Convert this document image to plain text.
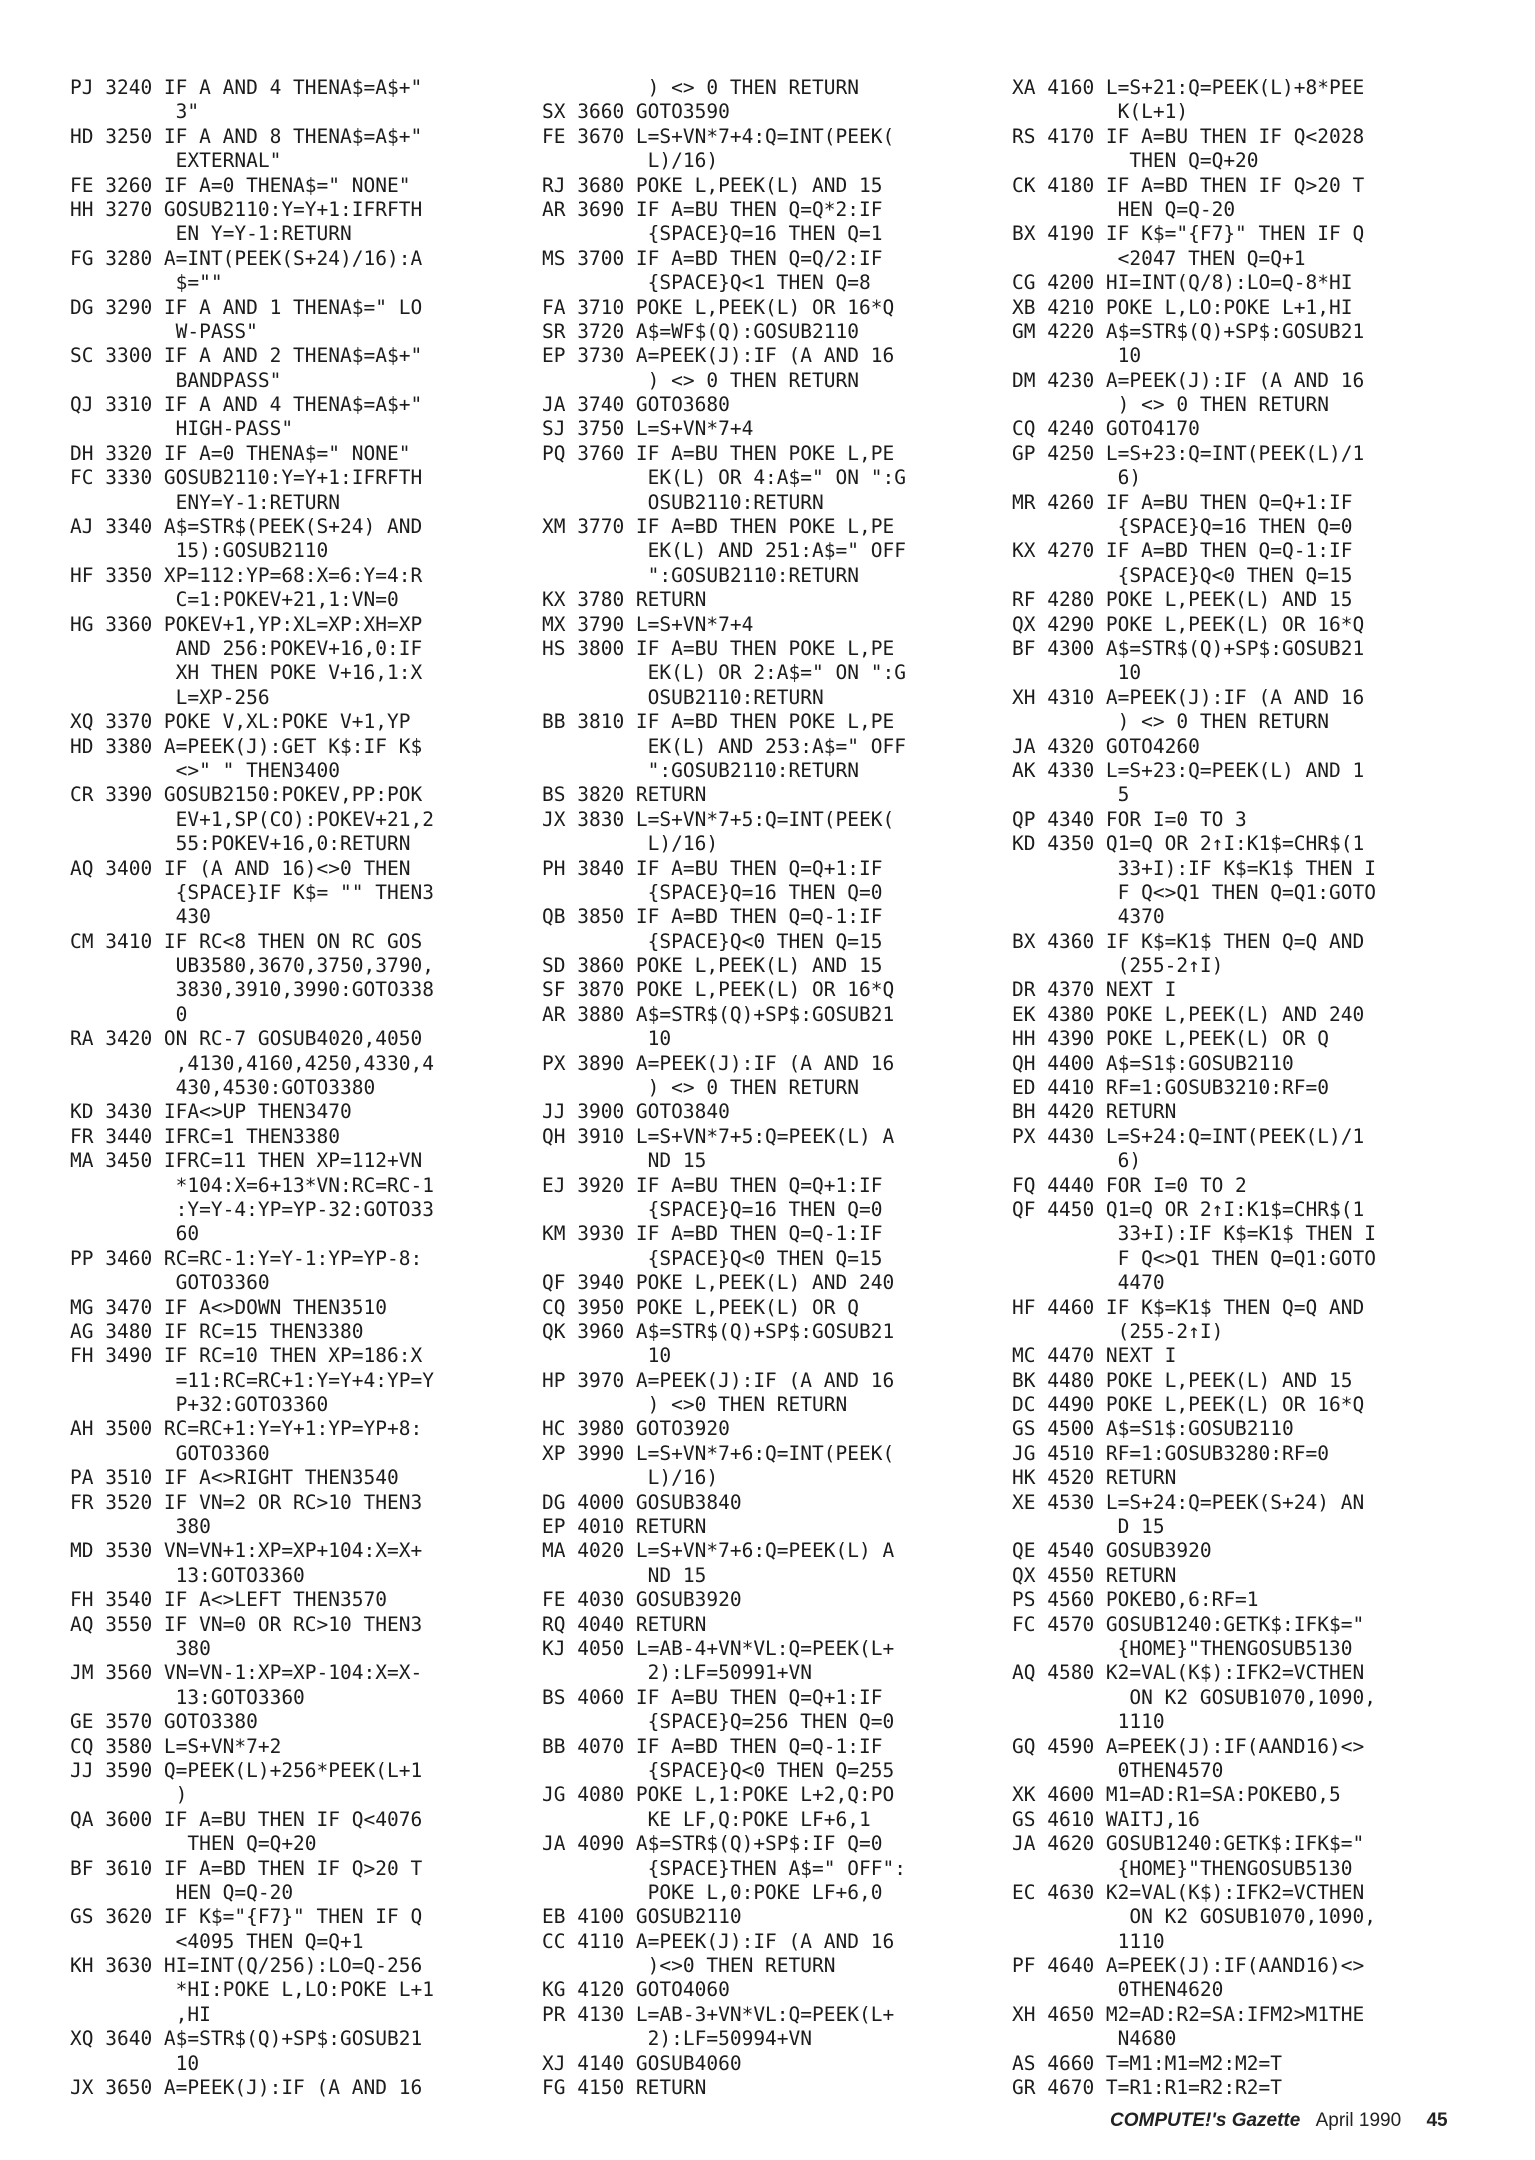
PJ 3240 IF A AND 4 THENA$=A$+"
3"
HD 3250 IF A AND 8 THENA$=A$+"
EXTERNAL"
FE 3260 IF A=0 THENA$=" NONE"
HH 3270 GOSUB2110:Y=Y+1:IFRFTH
EN Y=Y-1:RETURN
FG 3280 A=INT(PEEK(S+24)/16):A
$=""
DG 3290 IF A AND 1 THENA$=" LO
W-PASS"
SC 3300 IF A AND 2 THENA$=A$+"
BANDPASS"
QJ 3310 IF A AND 4 THENA$=A$+"
HIGH-PASS"
DH 3320 IF A=0 THENA$=" NONE"
FC 3330 GOSUB2110:Y=Y+1:IFRFTH
ENY=Y-1:RETURN
AJ 3340 A$=STR$(PEEK(S+24) AND
15):GOSUB2110
HF 3350 XP=112:YP=68:X=6:Y=4:R
C=1:POKEV+21,1:VN=0
HG 3360 POKEV+1,YP:XL=XP:XH=XP
AND 256:POKEV+16,0:IF
XH THEN POKE V+16,1:X
L=XP-256
XQ 3370 POKE V,XL:POKE V+1,YP
HD 3380 A=PEEK(J):GET K$:IF K$
<>" " THEN3400
CR 3390 GOSUB2150:POKEV,PP:POK
EV+1,SP(CO):POKEV+21,2
55:POKEV+16,0:RETURN
AQ 3400 IF (A AND 16)<>0 THEN
{SPACE}IF K$= "" THEN3
430
CM 3410 IF RC<8 THEN ON RC GOS
UB3580,3670,3750,3790,
3830,3910,3990:GOTO338
0
RA 3420 ON RC-7 GOSUB4020,4050
,4130,4160,4250,4330,4
430,4530:GOTO3380
KD 3430 IFA<>UP THEN3470
FR 3440 IFRC=1 THEN3380
MA 3450 IFRC=11 THEN XP=112+VN
*104:X=6+13*VN:RC=RC-1
:Y=Y-4:YP=YP-32:GOTO33
60
PP 3460 RC=RC-1:Y=Y-1:YP=YP-8:
GOTO3360
MG 3470 IF A<>DOWN THEN3510
AG 3480 IF RC=15 THEN3380
FH 3490 IF RC=10 THEN XP=186:X
=11:RC=RC+1:Y=Y+4:YP=Y
P+32:GOTO3360
AH 3500 RC=RC+1:Y=Y+1:YP=YP+8:
GOTO3360
PA 3510 IF A<>RIGHT THEN3540
FR 3520 IF VN=2 OR RC>10 THEN3
380
MD 3530 VN=VN+1:XP=XP+104:X=X+
13:GOTO3360
FH 3540 IF A<>LEFT THEN3570
AQ 3550 IF VN=0 OR RC>10 THEN3
380
JM 3560 VN=VN-1:XP=XP-104:X=X-
13:GOTO3360
GE 3570 GOTO3380
CQ 3580 L=S+VN*7+2
JJ 3590 Q=PEEK(L)+256*PEEK(L+1
)
QA 3600 IF A=BU THEN IF Q<4076
THEN Q=Q+20
BF 3610 IF A=BD THEN IF Q>20 T
HEN Q=Q-20
GS 3620 IF K$="{F7}" THEN IF Q
<4095 THEN Q=Q+1
KH 3630 HI=INT(Q/256):LO=Q-256
*HI:POKE L,LO:POKE L+1
,HI
XQ 3640 A$=STR$(Q)+SP$:GOSUB21
10
JX 3650 A=PEEK(J):IF (A AND 16
) <> 0 THEN RETURN
SX 3660 GOTO3590
FE 3670 L=S+VN*7+4:Q=INT(PEEK(
L)/16)
RJ 3680 POKE L,PEEK(L) AND 15
AR 3690 IF A=BU THEN Q=Q*2:IF
{SPACE}Q=16 THEN Q=1
MS 3700 IF A=BD THEN Q=Q/2:IF
{SPACE}Q<1 THEN Q=8
FA 3710 POKE L,PEEK(L) OR 16*Q
SR 3720 A$=WF$(Q):GOSUB2110
EP 3730 A=PEEK(J):IF (A AND 16
) <> 0 THEN RETURN
JA 3740 GOTO3680
SJ 3750 L=S+VN*7+4
PQ 3760 IF A=BU THEN POKE L,PE
EK(L) OR 4:A$=" ON ":G
OSUB2110:RETURN
XM 3770 IF A=BD THEN POKE L,PE
EK(L) AND 251:A$=" OFF
":GOSUB2110:RETURN
KX 3780 RETURN
MX 3790 L=S+VN*7+4
HS 3800 IF A=BU THEN POKE L,PE
EK(L) OR 2:A$=" ON ":G
OSUB2110:RETURN
BB 3810 IF A=BD THEN POKE L,PE
EK(L) AND 253:A$=" OFF
":GOSUB2110:RETURN
BS 3820 RETURN
JX 3830 L=S+VN*7+5:Q=INT(PEEK(
L)/16)
PH 3840 IF A=BU THEN Q=Q+1:IF
{SPACE}Q=16 THEN Q=0
QB 3850 IF A=BD THEN Q=Q-1:IF
{SPACE}Q<0 THEN Q=15
SD 3860 POKE L,PEEK(L) AND 15
SF 3870 POKE L,PEEK(L) OR 16*Q
AR 3880 A$=STR$(Q)+SP$:GOSUB21
10
PX 3890 A=PEEK(J):IF (A AND 16
) <> 0 THEN RETURN
JJ 3900 GOTO3840
QH 3910 L=S+VN*7+5:Q=PEEK(L) A
ND 15
EJ 3920 IF A=BU THEN Q=Q+1:IF
{SPACE}Q=16 THEN Q=0
KM 3930 IF A=BD THEN Q=Q-1:IF
{SPACE}Q<0 THEN Q=15
QF 3940 POKE L,PEEK(L) AND 240
CQ 3950 POKE L,PEEK(L) OR Q
QK 3960 A$=STR$(Q)+SP$:GOSUB21
10
HP 3970 A=PEEK(J):IF (A AND 16
) <>0 THEN RETURN
HC 3980 GOTO3920
XP 3990 L=S+VN*7+6:Q=INT(PEEK(
L)/16)
DG 4000 GOSUB3840
EP 4010 RETURN
MA 4020 L=S+VN*7+6:Q=PEEK(L) A
ND 15
FE 4030 GOSUB3920
RQ 4040 RETURN
KJ 4050 L=AB-4+VN*VL:Q=PEEK(L+
2):LF=50991+VN
BS 4060 IF A=BU THEN Q=Q+1:IF
{SPACE}Q=256 THEN Q=0
BB 4070 IF A=BD THEN Q=Q-1:IF
{SPACE}Q<0 THEN Q=255
JG 4080 POKE L,1:POKE L+2,Q:PO
KE LF,Q:POKE LF+6,1
JA 4090 A$=STR$(Q)+SP$:IF Q=0
{SPACE}THEN A$=" OFF":
POKE L,0:POKE LF+6,0
EB 4100 GOSUB2110
CC 4110 A=PEEK(J):IF (A AND 16
)<>0 THEN RETURN
KG 4120 GOTO4060
PR 4130 L=AB-3+VN*VL:Q=PEEK(L+
2):LF=50994+VN
XJ 4140 GOSUB4060
FG 4150 RETURN
XA 4160 L=S+21:Q=PEEK(L)+8*PEE
K(L+1)
RS 4170 IF A=BU THEN IF Q<2028
THEN Q=Q+20
CK 4180 IF A=BD THEN IF Q>20 T
HEN Q=Q-20
BX 4190 IF K$="{F7}" THEN IF Q
<2047 THEN Q=Q+1
CG 4200 HI=INT(Q/8):LO=Q-8*HI
XB 4210 POKE L,LO:POKE L+1,HI
GM 4220 A$=STR$(Q)+SP$:GOSUB21
10
DM 4230 A=PEEK(J):IF (A AND 16
) <> 0 THEN RETURN
CQ 4240 GOTO4170
GP 4250 L=S+23:Q=INT(PEEK(L)/1
6)
MR 4260 IF A=BU THEN Q=Q+1:IF
{SPACE}Q=16 THEN Q=0
KX 4270 IF A=BD THEN Q=Q-1:IF
{SPACE}Q<0 THEN Q=15
RF 4280 POKE L,PEEK(L) AND 15
QX 4290 POKE L,PEEK(L) OR 16*Q
BF 4300 A$=STR$(Q)+SP$:GOSUB21
10
XH 4310 A=PEEK(J):IF (A AND 16
) <> 0 THEN RETURN
JA 4320 GOTO4260
AK 4330 L=S+23:Q=PEEK(L) AND 1
5
QP 4340 FOR I=0 TO 3
KD 4350 Q1=Q OR 2↑I:K1$=CHR$(1
33+I):IF K$=K1$ THEN I
F Q<>Q1 THEN Q=Q1:GOTO
4370
BX 4360 IF K$=K1$ THEN Q=Q AND
(255-2↑I)
DR 4370 NEXT I
EK 4380 POKE L,PEEK(L) AND 240
HH 4390 POKE L,PEEK(L) OR Q
QH 4400 A$=S1$:GOSUB2110
ED 4410 RF=1:GOSUB3210:RF=0
BH 4420 RETURN
PX 4430 L=S+24:Q=INT(PEEK(L)/1
6)
FQ 4440 FOR I=0 TO 2
QF 4450 Q1=Q OR 2↑I:K1$=CHR$(1
33+I):IF K$=K1$ THEN I
F Q<>Q1 THEN Q=Q1:GOTO
4470
HF 4460 IF K$=K1$ THEN Q=Q AND
(255-2↑I)
MC 4470 NEXT I
BK 4480 POKE L,PEEK(L) AND 15
DC 4490 POKE L,PEEK(L) OR 16*Q
GS 4500 A$=S1$:GOSUB2110
JG 4510 RF=1:GOSUB3280:RF=0
HK 4520 RETURN
XE 4530 L=S+24:Q=PEEK(S+24) AN
D 15
QE 4540 GOSUB3920
QX 4550 RETURN
PS 4560 POKEBO,6:RF=1
FC 4570 GOSUB1240:GETK$:IFK$="
{HOME}"THENGOSUB5130
AQ 4580 K2=VAL(K$):IFK2=VCTHEN
ON K2 GOSUB1070,1090,
1110
GQ 4590 A=PEEK(J):IF(AAND16)<>
0THEN4570
XK 4600 M1=AD:R1=SA:POKEBO,5
GS 4610 WAITJ,16
JA 4620 GOSUB1240:GETK$:IFK$="
{HOME}"THENGOSUB5130
EC 4630 K2=VAL(K$):IFK2=VCTHEN
ON K2 GOSUB1070,1090,
1110
PF 4640 A=PEEK(J):IF(AAND16)<>
0THEN4620
XH 4650 M2=AD:R2=SA:IFM2>M1THE
N4680
AS 4660 T=M1:M1=M2:M2=T
GR 4670 T=R1:R1=R2:R2=T
COMPUTE!'s Gazette April 1990 45
